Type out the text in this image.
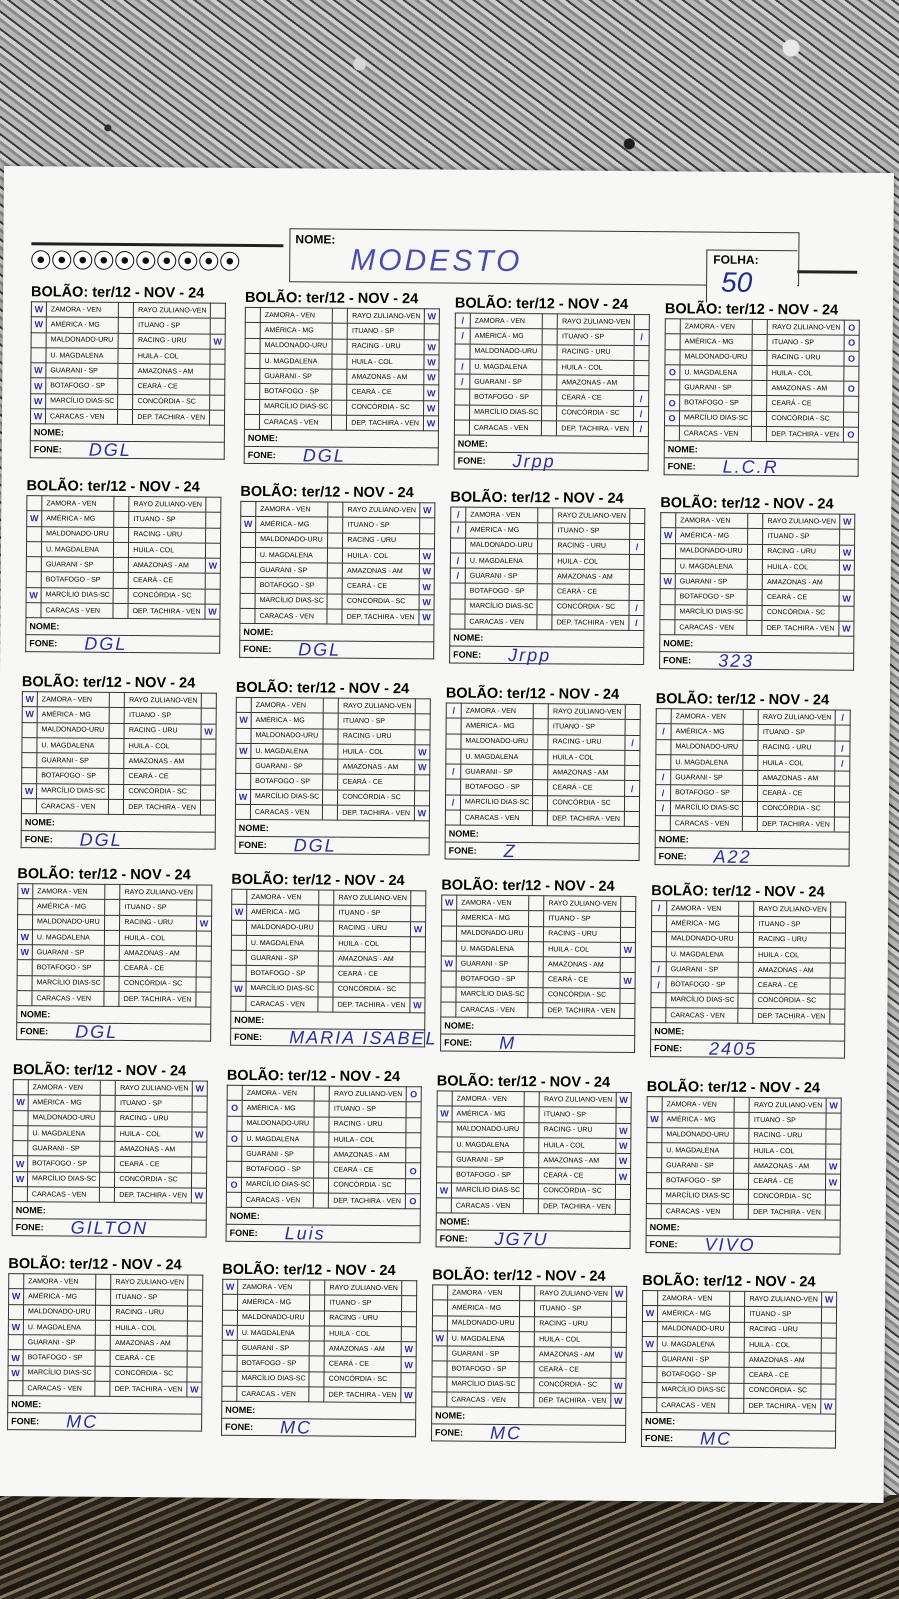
NOME:
MODESTO	FOLHA:
50
BOLÃO: ter/12 - NOV - 24
W	ZAMORA - VEN		RAYO ZULIANO-VEN	
W	AMÉRICA - MG		ITUANO - SP	
	MALDONADO-URU		RACING - URU	W
	U. MAGDALENA		HUILA - COL	
W	GUARANI - SP		AMAZONAS - AM	
W	BOTAFOGO - SP		CEARÁ - CE	
W	MARCÍLIO DIAS-SC		CONCÓRDIA - SC	
W	CARACAS - VEN		DEP. TACHIRA - VEN	
NOME:				
FONE: DGL				
BOLÃO: ter/12 - NOV - 24
	ZAMORA - VEN		RAYO ZULIANO-VEN	W
	AMÉRICA - MG		ITUANO - SP	
	MALDONADO-URU		RACING - URU	W
	U. MAGDALENA		HUILA - COL	W
	GUARANI - SP		AMAZONAS - AM	W
	BOTAFOGO - SP		CEARÁ - CE	W
	MARCÍLIO DIAS-SC		CONCÓRDIA - SC	W
	CARACAS - VEN		DEP. TACHIRA - VEN	W
NOME:				
FONE: DGL				
BOLÃO: ter/12 - NOV - 24
/	ZAMORA - VEN		RAYO ZULIANO-VEN	
/	AMÉRICA - MG		ITUANO - SP	/
	MALDONADO-URU		RACING - URU	
/	U. MAGDALENA		HUILA - COL	
/	GUARANI - SP		AMAZONAS - AM	
	BOTAFOGO - SP		CEARÁ - CE	/
	MARCÍLIO DIAS-SC		CONCÓRDIA - SC	/
	CARACAS - VEN		DEP. TACHIRA - VEN	/
NOME:				
FONE: Jrpp				
BOLÃO: ter/12 - NOV - 24
	ZAMORA - VEN		RAYO ZULIANO-VEN	O
	AMÉRICA - MG		ITUANO - SP	O
	MALDONADO-URU		RACING - URU	O
O	U. MAGDALENA		HUILA - COL	
	GUARANI - SP		AMAZONAS - AM	O
O	BOTAFOGO - SP		CEARÁ - CE	
O	MARCÍLIO DIAS-SC		CONCÓRDIA - SC	
	CARACAS - VEN		DEP. TACHIRA - VEN	O
NOME:				
FONE: L.C.R				
BOLÃO: ter/12 - NOV - 24
	ZAMORA - VEN		RAYO ZULIANO-VEN	
W	AMÉRICA - MG		ITUANO - SP	
	MALDONADO-URU		RACING - URU	
	U. MAGDALENA		HUILA - COL	
	GUARANI - SP		AMAZONAS - AM	W
	BOTAFOGO - SP		CEARÁ - CE	
W	MARCÍLIO DIAS-SC		CONCÓRDIA - SC	
	CARACAS - VEN		DEP. TACHIRA - VEN	W
NOME:				
FONE: DGL				
BOLÃO: ter/12 - NOV - 24
	ZAMORA - VEN		RAYO ZULIANO-VEN	W
W	AMÉRICA - MG		ITUANO - SP	
	MALDONADO-URU		RACING - URU	
	U. MAGDALENA		HUILA - COL	W
	GUARANI - SP		AMAZONAS - AM	W
	BOTAFOGO - SP		CEARÁ - CE	W
	MARCÍLIO DIAS-SC		CONCÓRDIA - SC	W
	CARACAS - VEN		DEP. TACHIRA - VEN	W
NOME:				
FONE: DGL				
BOLÃO: ter/12 - NOV - 24
/	ZAMORA - VEN		RAYO ZULIANO-VEN	
/	AMÉRICA - MG		ITUANO - SP	
	MALDONADO-URU		RACING - URU	/
/	U. MAGDALENA		HUILA - COL	
/	GUARANI - SP		AMAZONAS - AM	
	BOTAFOGO - SP		CEARÁ - CE	
	MARCÍLIO DIAS-SC		CONCÓRDIA - SC	/
	CARACAS - VEN		DEP. TACHIRA - VEN	/
NOME:				
FONE: Jrpp				
BOLÃO: ter/12 - NOV - 24
	ZAMORA - VEN		RAYO ZULIANO-VEN	W
W	AMÉRICA - MG		ITUANO - SP	
	MALDONADO-URU		RACING - URU	W
	U. MAGDALENA		HUILA - COL	W
W	GUARANI - SP		AMAZONAS - AM	
	BOTAFOGO - SP		CEARÁ - CE	W
	MARCÍLIO DIAS-SC		CONCÓRDIA - SC	
	CARACAS - VEN		DEP. TACHIRA - VEN	W
NOME:				
FONE: 323				
BOLÃO: ter/12 - NOV - 24
W	ZAMORA - VEN		RAYO ZULIANO-VEN	
W	AMÉRICA - MG		ITUANO - SP	
	MALDONADO-URU		RACING - URU	W
	U. MAGDALENA		HUILA - COL	
	GUARANI - SP		AMAZONAS - AM	
	BOTAFOGO - SP		CEARÁ - CE	
W	MARCÍLIO DIAS-SC		CONCÓRDIA - SC	
	CARACAS - VEN		DEP. TACHIRA - VEN	
NOME:				
FONE: DGL				
BOLÃO: ter/12 - NOV - 24
	ZAMORA - VEN		RAYO ZULIANO-VEN	
W	AMÉRICA - MG		ITUANO - SP	
	MALDONADO-URU		RACING - URU	
W	U. MAGDALENA		HUILA - COL	W
	GUARANI - SP		AMAZONAS - AM	W
	BOTAFOGO - SP		CEARÁ - CE	
W	MARCÍLIO DIAS-SC		CONCÓRDIA - SC	
	CARACAS - VEN		DEP. TACHIRA - VEN	W
NOME:				
FONE: DGL				
BOLÃO: ter/12 - NOV - 24
/	ZAMORA - VEN		RAYO ZULIANO-VEN	
	AMÉRICA - MG		ITUANO - SP	
	MALDONADO-URU		RACING - URU	/
	U. MAGDALENA		HUILA - COL	
/	GUARANI - SP		AMAZONAS - AM	
	BOTAFOGO - SP		CEARÁ - CE	/
/	MARCÍLIO DIAS-SC		CONCÓRDIA - SC	
	CARACAS - VEN		DEP. TACHIRA - VEN	
NOME:				
FONE: Z				
BOLÃO: ter/12 - NOV - 24
	ZAMORA - VEN		RAYO ZULIANO-VEN	/
/	AMÉRICA - MG		ITUANO - SP	
	MALDONADO-URU		RACING - URU	/
	U. MAGDALENA		HUILA - COL	/
/	GUARANI - SP		AMAZONAS - AM	
/	BOTAFOGO - SP		CEARÁ - CE	
/	MARCÍLIO DIAS-SC		CONCÓRDIA - SC	
	CARACAS - VEN		DEP. TACHIRA - VEN	
NOME:				
FONE: A22				
BOLÃO: ter/12 - NOV - 24
W	ZAMORA - VEN		RAYO ZULIANO-VEN	
	AMÉRICA - MG		ITUANO - SP	
	MALDONADO-URU		RACING - URU	W
W	U. MAGDALENA		HUILA - COL	
W	GUARANI - SP		AMAZONAS - AM	
	BOTAFOGO - SP		CEARÁ - CE	
	MARCÍLIO DIAS-SC		CONCÓRDIA - SC	
	CARACAS - VEN		DEP. TACHIRA - VEN	
NOME:				
FONE: DGL				
BOLÃO: ter/12 - NOV - 24
	ZAMORA - VEN		RAYO ZULIANO-VEN	
W	AMÉRICA - MG		ITUANO - SP	
	MALDONADO-URU		RACING - URU	W
	U. MAGDALENA		HUILA - COL	
	GUARANI - SP		AMAZONAS - AM	
	BOTAFOGO - SP		CEARÁ - CE	
W	MARCÍLIO DIAS-SC		CONCÓRDIA - SC	
	CARACAS - VEN		DEP. TACHIRA - VEN	W
NOME:				
FONE: MARIA ISABEL				
BOLÃO: ter/12 - NOV - 24
W	ZAMORA - VEN		RAYO ZULIANO-VEN	
	AMÉRICA - MG		ITUANO - SP	
	MALDONADO-URU		RACING - URU	
	U. MAGDALENA		HUILA - COL	W
W	GUARANI - SP		AMAZONAS - AM	
	BOTAFOGO - SP		CEARÁ - CE	W
	MARCÍLIO DIAS-SC		CONCÓRDIA - SC	
	CARACAS - VEN		DEP. TACHIRA - VEN	
NOME:				
FONE: M				
BOLÃO: ter/12 - NOV - 24
/	ZAMORA - VEN		RAYO ZULIANO-VEN	
	AMÉRICA - MG		ITUANO - SP	
	MALDONADO-URU		RACING - URU	
	U. MAGDALENA		HUILA - COL	
/	GUARANI - SP		AMAZONAS - AM	
/	BOTAFOGO - SP		CEARÁ - CE	
	MARCÍLIO DIAS-SC		CONCÓRDIA - SC	
	CARACAS - VEN		DEP. TACHIRA - VEN	
NOME:				
FONE: 2405				
BOLÃO: ter/12 - NOV - 24
	ZAMORA - VEN		RAYO ZULIANO-VEN	W
W	AMÉRICA - MG		ITUANO - SP	
	MALDONADO-URU		RACING - URU	
	U. MAGDALENA		HUILA - COL	W
	GUARANI - SP		AMAZONAS - AM	
W	BOTAFOGO - SP		CEARÁ - CE	
W	MARCÍLIO DIAS-SC		CONCÓRDIA - SC	
	CARACAS - VEN		DEP. TACHIRA - VEN	W
NOME:				
FONE: GILTON				
BOLÃO: ter/12 - NOV - 24
	ZAMORA - VEN		RAYO ZULIANO-VEN	O
O	AMÉRICA - MG		ITUANO - SP	
	MALDONADO-URU		RACING - URU	
O	U. MAGDALENA		HUILA - COL	
	GUARANI - SP		AMAZONAS - AM	
	BOTAFOGO - SP		CEARÁ - CE	O
O	MARCÍLIO DIAS-SC		CONCÓRDIA - SC	
	CARACAS - VEN		DEP. TACHIRA - VEN	O
NOME:				
FONE: Luis				
BOLÃO: ter/12 - NOV - 24
	ZAMORA - VEN		RAYO ZULIANO-VEN	W
W	AMÉRICA - MG		ITUANO - SP	
	MALDONADO-URU		RACING - URU	W
	U. MAGDALENA		HUILA - COL	W
	GUARANI - SP		AMAZONAS - AM	W
	BOTAFOGO - SP		CEARÁ - CE	W
W	MARCÍLIO DIAS-SC		CONCÓRDIA - SC	
	CARACAS - VEN		DEP. TACHIRA - VEN	
NOME:				
FONE: JG7U				
BOLÃO: ter/12 - NOV - 24
	ZAMORA - VEN		RAYO ZULIANO-VEN	W
W	AMÉRICA - MG		ITUANO - SP	
	MALDONADO-URU		RACING - URU	
	U. MAGDALENA		HUILA - COL	
	GUARANI - SP		AMAZONAS - AM	W
	BOTAFOGO - SP		CEARÁ - CE	W
	MARCÍLIO DIAS-SC		CONCÓRDIA - SC	
	CARACAS - VEN		DEP. TACHIRA - VEN	
NOME:				
FONE: VIVO				
BOLÃO: ter/12 - NOV - 24
	ZAMORA - VEN		RAYO ZULIANO-VEN	
W	AMÉRICA - MG		ITUANO - SP	
	MALDONADO-URU		RACING - URU	
W	U. MAGDALENA		HUILA - COL	
	GUARANI - SP		AMAZONAS - AM	
W	BOTAFOGO - SP		CEARÁ - CE	
W	MARCÍLIO DIAS-SC		CONCÓRDIA - SC	
	CARACAS - VEN		DEP. TACHIRA - VEN	W
NOME:				
FONE: MC				
BOLÃO: ter/12 - NOV - 24
W	ZAMORA - VEN		RAYO ZULIANO-VEN	
	AMÉRICA - MG		ITUANO - SP	
	MALDONADO-URU		RACING - URU	
W	U. MAGDALENA		HUILA - COL	
	GUARANI - SP		AMAZONAS - AM	W
	BOTAFOGO - SP		CEARÁ - CE	W
	MARCÍLIO DIAS-SC		CONCÓRDIA - SC	
	CARACAS - VEN		DEP. TACHIRA - VEN	W
NOME:				
FONE: MC				
BOLÃO: ter/12 - NOV - 24
	ZAMORA - VEN		RAYO ZULIANO-VEN	W
	AMÉRICA - MG		ITUANO - SP	
	MALDONADO-URU		RACING - URU	
W	U. MAGDALENA		HUILA - COL	
	GUARANI - SP		AMAZONAS - AM	W
	BOTAFOGO - SP		CEARÁ - CE	
	MARCÍLIO DIAS-SC		CONCÓRDIA - SC	W
	CARACAS - VEN		DEP. TACHIRA - VEN	W
NOME:				
FONE: MC				
BOLÃO: ter/12 - NOV - 24
	ZAMORA - VEN		RAYO ZULIANO-VEN	W
W	AMÉRICA - MG		ITUANO - SP	
	MALDONADO-URU		RACING - URU	
W	U. MAGDALENA		HUILA - COL	
	GUARANI - SP		AMAZONAS - AM	
	BOTAFOGO - SP		CEARÁ - CE	
	MARCÍLIO DIAS-SC		CONCÓRDIA - SC	
	CARACAS - VEN		DEP. TACHIRA - VEN	W
NOME:				
FONE: MC				
